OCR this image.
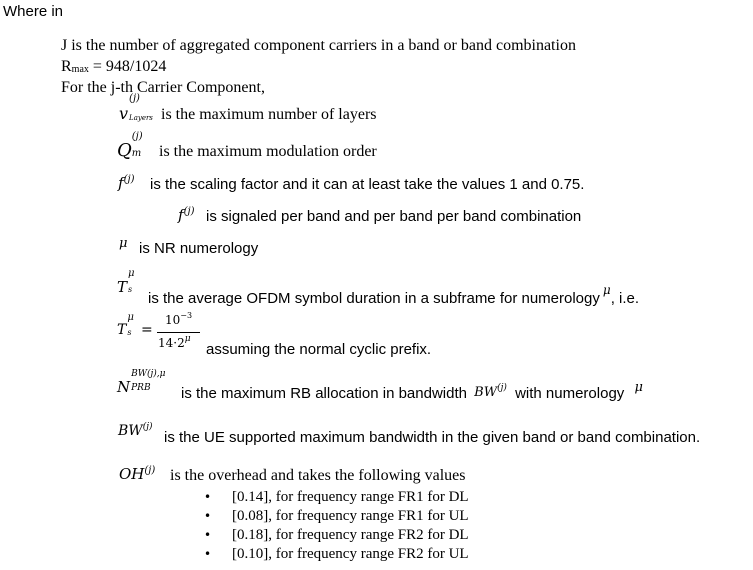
Where in
J is the number of aggregated component carriers in a band or band combination
Rmax = 948/1024
For the j-th Carrier Component,
v
(j)
Layers is the maximum number of layers
Q
(j)
m is the maximum modulation order
$f^{(j)}$ is the scaling factor and it can at least take the values 1 and 0.75.
$f^{(j)}$ is signaled per band and per band per band combination
μ is NR numerology
T
μ
s
is the average OFDM symbol duration in a subframe for numerology $^\mu$, i.e.
T
μ
s =
$10^{-3}$
$14\cdot 2^\mu$
assuming the normal cyclic prefix.
N
BW(j),μ
PRB is the maximum RB allocation in bandwidth BW$^{(j)}$ with numerology μ
BW$^{(j)}$
is the UE supported maximum bandwidth in the given band or band combination.
OH$^{(j)}$ is the overhead and takes the following values
• [0.14], for frequency range FR1 for DL
• [0.08], for frequency range FR1 for UL
• [0.18], for frequency range FR2 for DL
• [0.10], for frequency range FR2 for UL
